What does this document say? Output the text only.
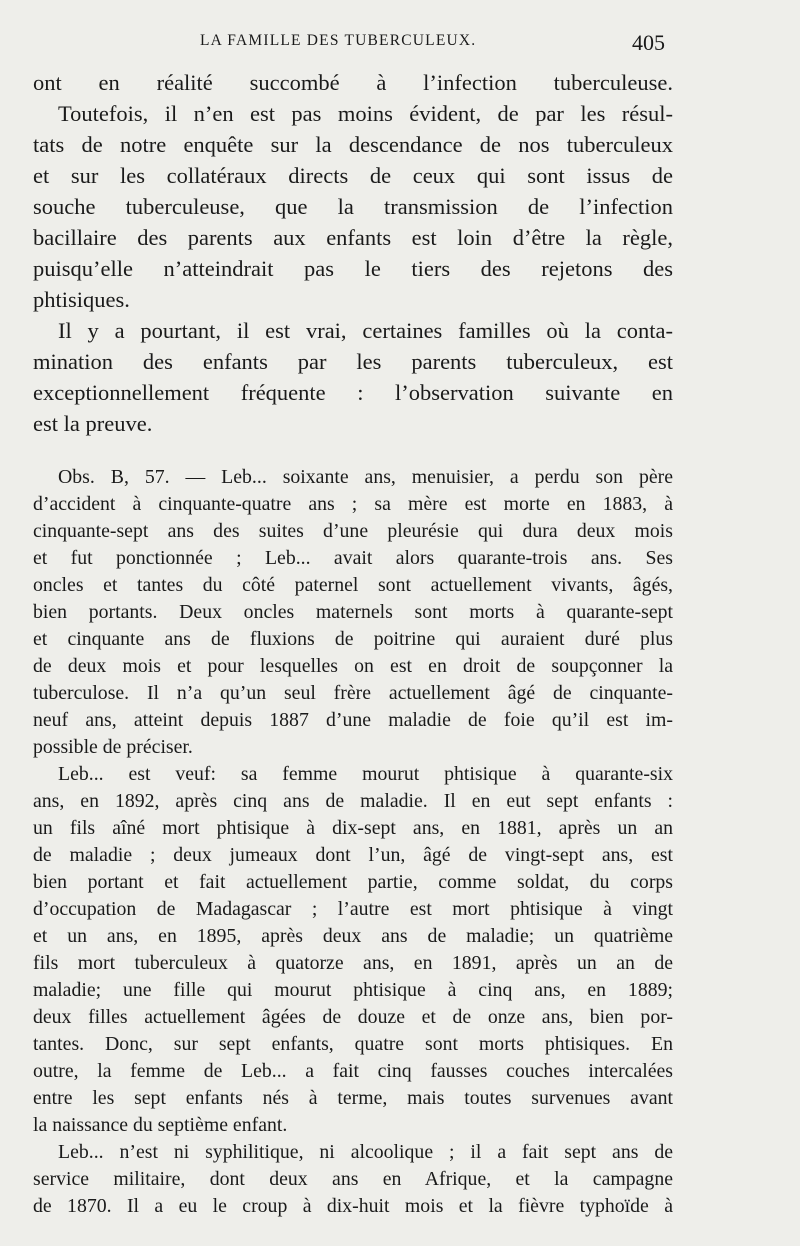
LA FAMILLE DES TUBERCULEUX.	405
ont en réalité succombé à l’infection tuberculeuse.
Toutefois, il n’en est pas moins évident, de par les résul-
tats de notre enquête sur la descendance de nos tuberculeux
et sur les collatéraux directs de ceux qui sont issus de
souche tuberculeuse, que la transmission de l’infection
bacillaire des parents aux enfants est loin d’être la règle,
puisqu’elle n’atteindrait pas le tiers des rejetons des
phtisiques.
Il y a pourtant, il est vrai, certaines familles où la conta-
mination des enfants par les parents tuberculeux, est
exceptionnellement fréquente : l’observation suivante en
est la preuve.
Obs. B, 57. — Leb... soixante ans, menuisier, a perdu son père
d’accident à cinquante-quatre ans ; sa mère est morte en 1883, à
cinquante-sept ans des suites d’une pleurésie qui dura deux mois
et fut ponctionnée ; Leb... avait alors quarante-trois ans. Ses
oncles et tantes du côté paternel sont actuellement vivants, âgés,
bien portants. Deux oncles maternels sont morts à quarante-sept
et cinquante ans de fluxions de poitrine qui auraient duré plus
de deux mois et pour lesquelles on est en droit de soupçonner la
tuberculose. Il n’a qu’un seul frère actuellement âgé de cinquante-
neuf ans, atteint depuis 1887 d’une maladie de foie qu’il est im-
possible de préciser.
Leb... est veuf: sa femme mourut phtisique à quarante-six
ans, en 1892, après cinq ans de maladie. Il en eut sept enfants :
un fils aîné mort phtisique à dix-sept ans, en 1881, après un an
de maladie ; deux jumeaux dont l’un, âgé de vingt-sept ans, est
bien portant et fait actuellement partie, comme soldat, du corps
d’occupation de Madagascar ; l’autre est mort phtisique à vingt
et un ans, en 1895, après deux ans de maladie; un quatrième
fils mort tuberculeux à quatorze ans, en 1891, après un an de
maladie; une fille qui mourut phtisique à cinq ans, en 1889;
deux filles actuellement âgées de douze et de onze ans, bien por-
tantes. Donc, sur sept enfants, quatre sont morts phtisiques. En
outre, la femme de Leb... a fait cinq fausses couches intercalées
entre les sept enfants nés à terme, mais toutes survenues avant
la naissance du septième enfant.
Leb... n’est ni syphilitique, ni alcoolique ; il a fait sept ans de
service militaire, dont deux ans en Afrique, et la campagne
de 1870. Il a eu le croup à dix-huit mois et la fièvre typhoïde à
